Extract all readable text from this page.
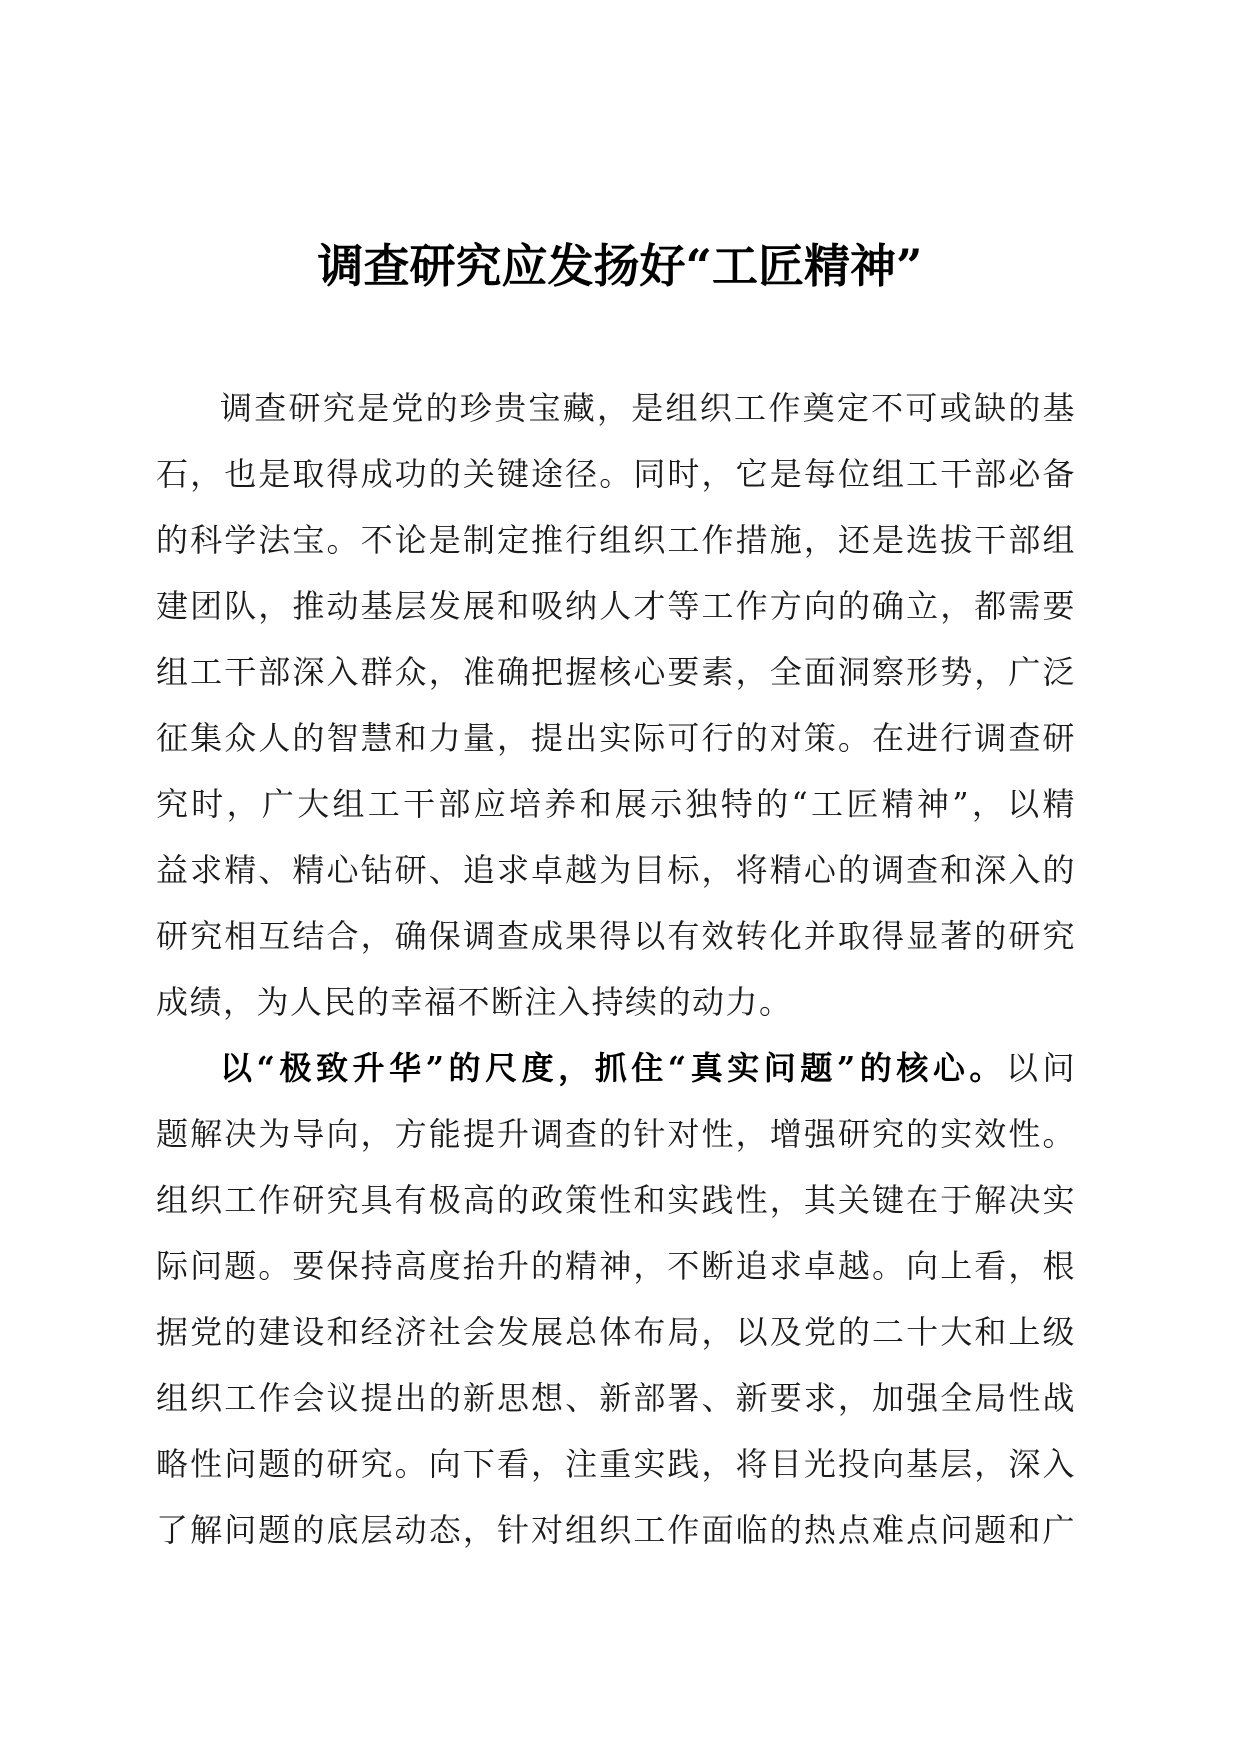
调查研究应发扬好“工匠精神”
调查研究是党的珍贵宝藏，是组织工作奠定不可或缺的基
石，也是取得成功的关键途径。同时，它是每位组工干部必备
的科学法宝。不论是制定推行组织工作措施，还是选拔干部组
建团队，推动基层发展和吸纳人才等工作方向的确立，都需要
组工干部深入群众，准确把握核心要素，全面洞察形势，广泛
征集众人的智慧和力量，提出实际可行的对策。在进行调查研
究时，广大组工干部应培养和展示独特的“工匠精神”，以精
益求精、精心钻研、追求卓越为目标，将精心的调查和深入的
研究相互结合，确保调查成果得以有效转化并取得显著的研究
成绩，为人民的幸福不断注入持续的动力。
以“极致升华”的尺度，抓住“真实问题”的核心。以问
题解决为导向，方能提升调查的针对性，增强研究的实效性。
组织工作研究具有极高的政策性和实践性，其关键在于解决实
际问题。要保持高度抬升的精神，不断追求卓越。向上看，根
据党的建设和经济社会发展总体布局，以及党的二十大和上级
组织工作会议提出的新思想、新部署、新要求，加强全局性战
略性问题的研究。向下看，注重实践，将目光投向基层，深入
了解问题的底层动态，针对组织工作面临的热点难点问题和广
